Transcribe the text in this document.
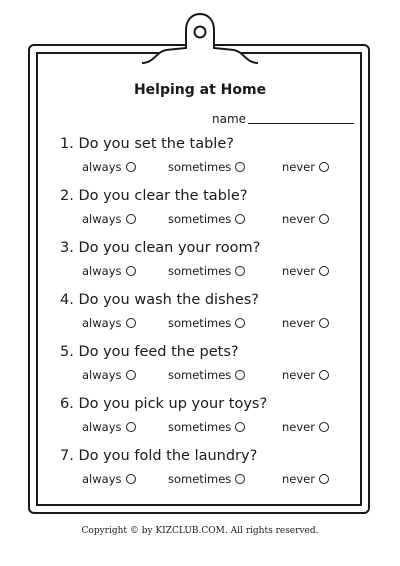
Helping at Home
name
1. Do you set the table?
always	sometimes	never
2. Do you clear the table?
always	sometimes	never
3. Do you clean your room?
always	sometimes	never
4. Do you wash the dishes?
always	sometimes	never
5. Do you feed the pets?
always	sometimes	never
6. Do you pick up your toys?
always	sometimes	never
7. Do you fold the laundry?
always	sometimes	never
Copyright © by KIZCLUB.COM. All rights reserved.
